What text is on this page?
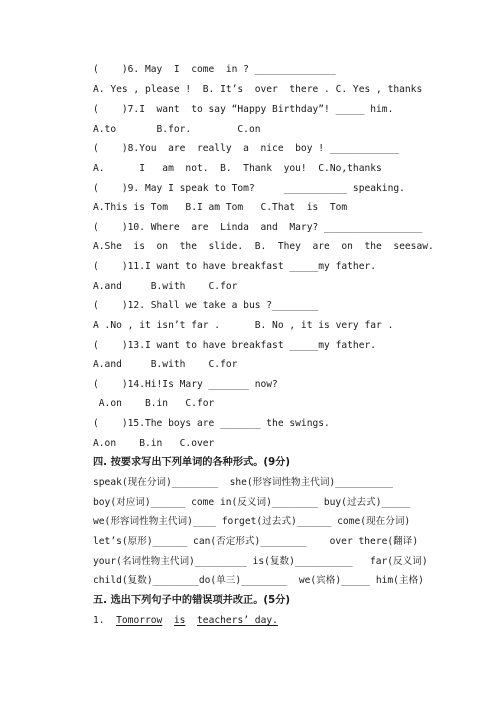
(    )6. May  I  come  in ? ______________
A. Yes , please !  B. It’s  over  there . C. Yes , thanks
(    )7.I  want  to say “Happy Birthday”! _____ him.
A.to       B.for.        C.on
(    )8.You  are  really  a  nice  boy ! ____________
A.      I   am  not.  B.  Thank  you!  C.No,thanks
(    )9. May I speak to Tom?     ___________ speaking.
A.This is Tom   B.I am Tom   C.That  is  Tom
(    )10. Where  are  Linda  and  Mary? _________________
A.She  is  on  the  slide.  B.  They  are  on  the  seesaw.
(    )11.I want to have breakfast _____my father.
A.and     B.with    C.for
(    )12. Shall we take a bus ?________
A .No , it isn’t far .      B. No , it is very far .
(    )13.I want to have breakfast _____my father.
A.and     B.with    C.for
(    )14.Hi!Is Mary _______ now?
A.on    B.in   C.for
(    )15.The boys are _______ the swings.
A.on    B.in   C.over
四. 按要求写出下列单词的各种形式。(9分)
speak(现在分词)________  she(形容词性物主代词)__________
boy(对应词)______ come in(反义词)________ buy(过去式)_____
we(形容词性物主代词)____ forget(过去式)______ come(现在分词)
let’s(原形)______ can(否定形式)________    over there(翻译)
your(名词性物主代词)_________ is(复数)__________   far(反义词)
child(复数)________do(单三)________  we(宾格)_____ him(主格)
五. 选出下列句子中的错误项并改正。(5分)
1. Tomorrow is teachers’ day.
